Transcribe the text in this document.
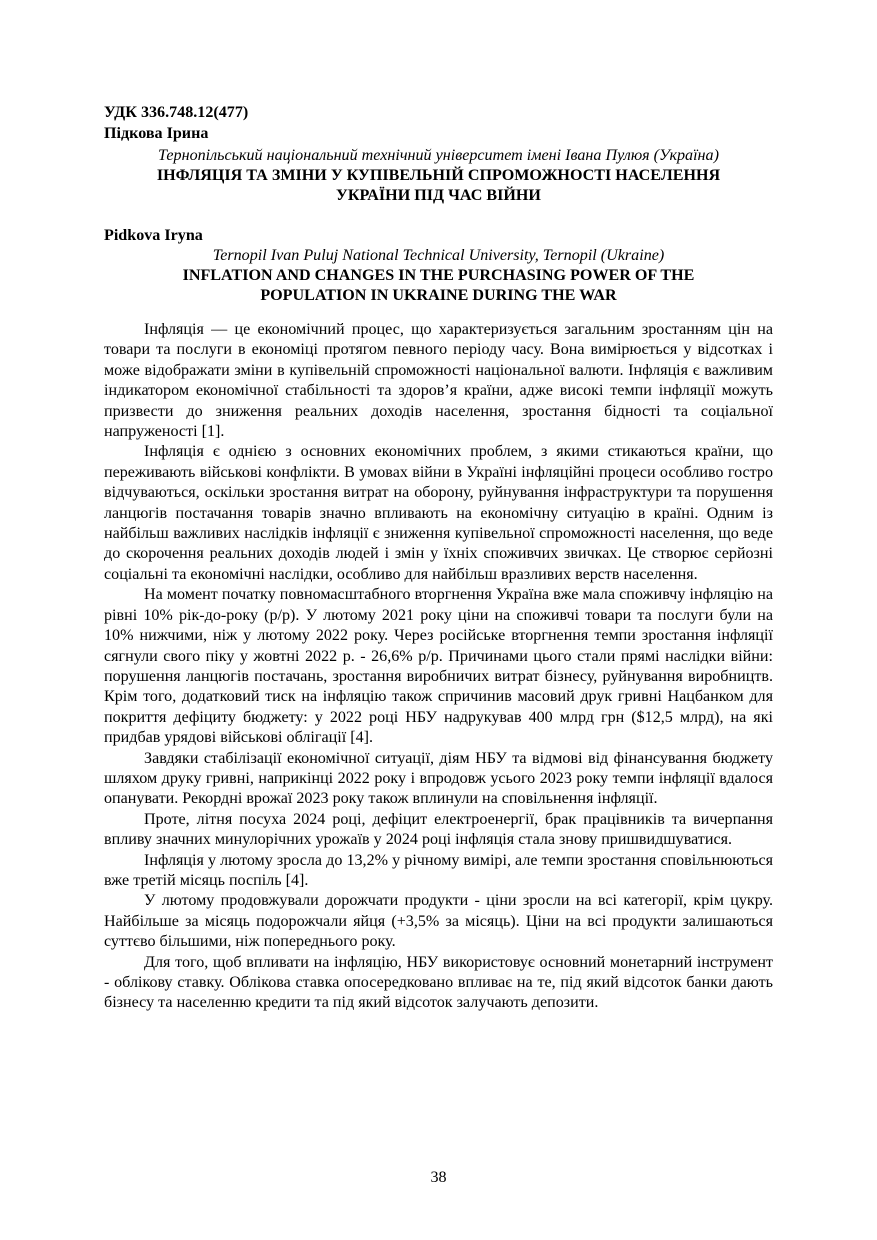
УДК 336.748.12(477)
Підкова Ірина
Тернопільський національний технічний університет імені Івана Пулюя (Україна)
ІНФЛЯЦІЯ ТА ЗМІНИ У КУПІВЕЛЬНІЙ СПРОМОЖНОСТІ НАСЕЛЕННЯ
УКРАЇНИ ПІД ЧАС ВІЙНИ
Pidkova Iryna
Ternopil Ivan Puluj National Technical University, Ternopil (Ukraine)
INFLATION AND CHANGES IN THE PURCHASING POWER OF THE
POPULATION IN UKRAINE DURING THE WAR

Інфляція — це економічний процес, що характеризується загальним зростанням цін на товари та послуги в економіці протягом певного періоду часу. Вона вимірюється у відсотках і може відображати зміни в купівельній спроможності національної валюти. Інфляція є важливим індикатором економічної стабільності та здоров’я країни, адже високі темпи інфляції можуть призвести до зниження реальних доходів населення, зростання бідності та соціальної напруженості [1].

Інфляція є однією з основних економічних проблем, з якими стикаються країни, що переживають військові конфлікти. В умовах війни в Україні інфляційні процеси особливо гостро відчуваються, оскільки зростання витрат на оборону, руйнування інфраструктури та порушення ланцюгів постачання товарів значно впливають на економічну ситуацію в країні. Одним із найбільш важливих наслідків інфляції є зниження купівельної спроможності населення, що веде до скорочення реальних доходів людей і змін у їхніх споживчих звичках. Це створює серйозні соціальні та економічні наслідки, особливо для найбільш вразливих верств населення.

На момент початку повномасштабного вторгнення Україна вже мала споживчу інфляцію на рівні 10% рік-до-року (р/р). У лютому 2021 року ціни на споживчі товари та послуги були на 10% нижчими, ніж у лютому 2022 року. Через російське вторгнення темпи зростання інфляції сягнули свого піку у жовтні 2022 р. - 26,6% р/р. Причинами цього стали прямі наслідки війни: порушення ланцюгів постачань, зростання виробничих витрат бізнесу, руйнування виробництв. Крім того, додатковий тиск на інфляцію також спричинив масовий друк гривні Нацбанком для покриття дефіциту бюджету: у 2022 році НБУ надрукував 400 млрд грн ($12,5 млрд), на які придбав урядові військові облігації [4].

Завдяки стабілізації економічної ситуації, діям НБУ та відмові від фінансування бюджету шляхом друку гривні, наприкінці 2022 року і впродовж усього 2023 року темпи інфляції вдалося опанувати. Рекордні врожаї 2023 року також вплинули на сповільнення інфляції.

Проте, літня посуха 2024 році, дефіцит електроенергії, брак працівників та вичерпання впливу значних минулорічних урожаїв у 2024 році інфляція стала знову пришвидшуватися.

Інфляція у лютому зросла до 13,2% у річному вимірі, але темпи зростання сповільнюються вже третій місяць поспіль [4].

У лютому продовжували дорожчати продукти - ціни зросли на всі категорії, крім цукру. Найбільше за місяць подорожчали яйця (+3,5% за місяць). Ціни на всі продукти залишаються суттєво більшими, ніж попереднього року.

Для того, щоб впливати на інфляцію, НБУ використовує основний монетарний інструмент - облікову ставку. Облікова ставка опосередковано впливає на те, під який відсоток банки дають бізнесу та населенню кредити та під який відсоток залучають депозити.

38
